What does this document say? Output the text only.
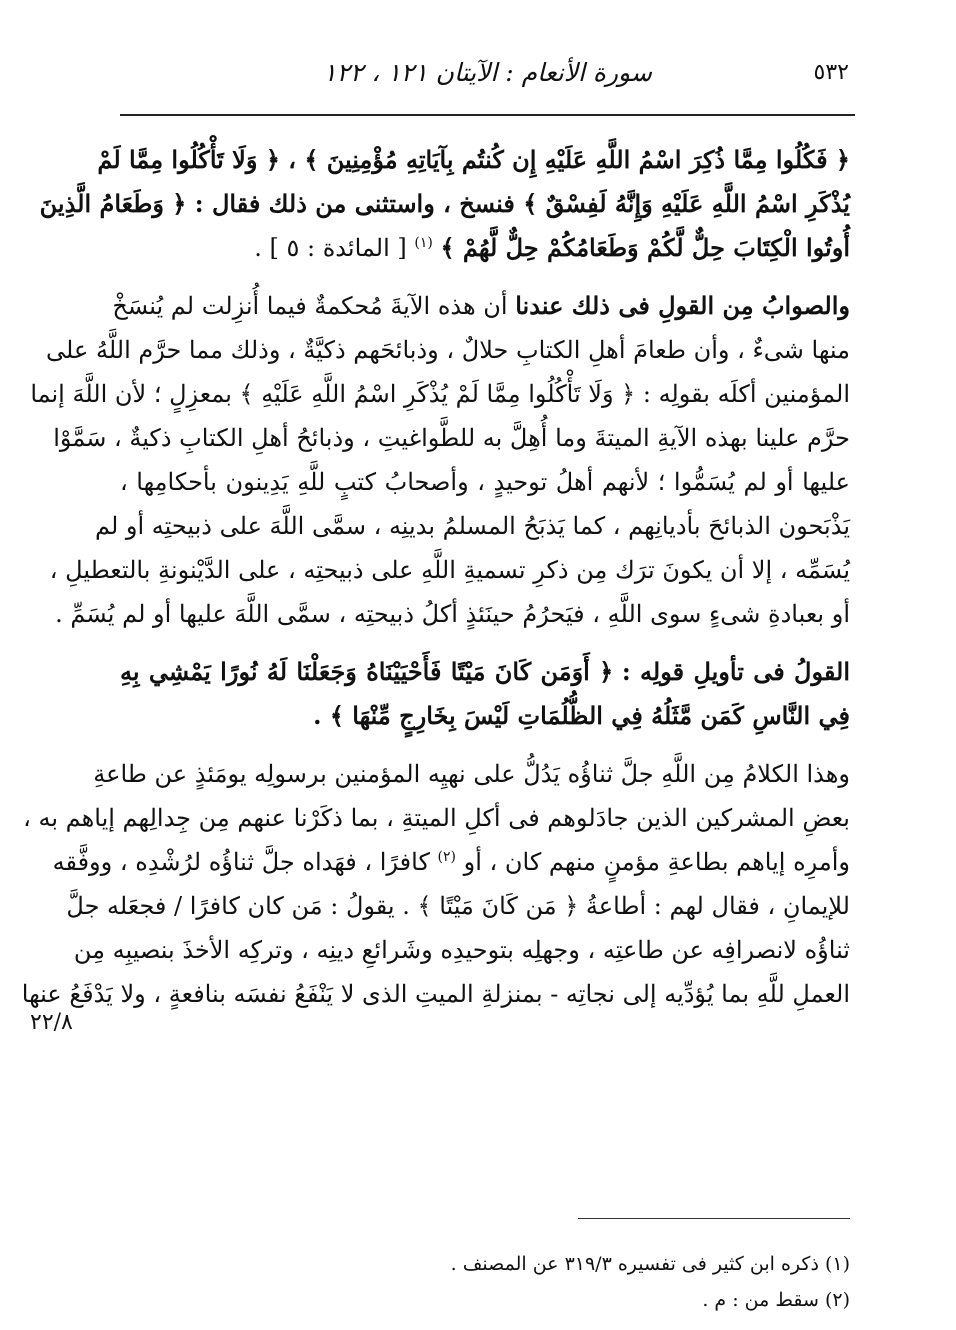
٥٣٢
سورة الأنعام : الآيتان ١٢١ ، ١٢٢
﴿ فَكُلُوا مِمَّا ذُكِرَ اسْمُ اللَّهِ عَلَيْهِ إِن كُنتُم بِآيَاتِهِ مُؤْمِنِينَ ﴾ ، ﴿ وَلَا تَأْكُلُوا مِمَّا لَمْ
يُذْكَرِ اسْمُ اللَّهِ عَلَيْهِ وَإِنَّهُ لَفِسْقٌ ﴾ فنسخ ، واستثنى من ذلك فقال : ﴿ وَطَعَامُ الَّذِينَ
أُوتُوا الْكِتَابَ حِلٌّ لَّكُمْ وَطَعَامُكُمْ حِلٌّ لَّهُمْ ﴾ $^{(١)}$ [ المائدة : ٥ ] .
والصوابُ مِن القولِ فى ذلك عندنا أن هذه الآيةَ مُحكمةٌ فيما أُنزِلت لم يُنسَخْ
منها شىءٌ ، وأن طعامَ أهلِ الكتابِ حلالٌ ، وذبائحَهم ذكيَّةٌ ، وذلك مما حرَّم اللَّهُ على
المؤمنين أكلَه بقولِه : ﴿ وَلَا تَأْكُلُوا مِمَّا لَمْ يُذْكَرِ اسْمُ اللَّهِ عَلَيْهِ ﴾ بمعزِلٍ ؛ لأن اللَّهَ إنما
حرَّم علينا بهذه الآيةِ الميتةَ وما أُهِلَّ به للطَّواغيتِ ، وذبائحُ أهلِ الكتابِ ذكيةٌ ، سَمَّوْا
عليها أو لم يُسَمُّوا ؛ لأنهم أهلُ توحيدٍ ، وأصحابُ كتبٍ للَّهِ يَدِينون بأحكامِها ،
يَذْبَحون الذبائحَ بأديانِهم ، كما يَذبَحُ المسلمُ بدينِه ، سمَّى اللَّهَ على ذبيحتِه أو لم
يُسَمِّه ، إلا أن يكونَ ترَك مِن ذكرِ تسميةِ اللَّهِ على ذبيحتِه ، على الدَّيْنونةِ بالتعطيلِ ،
أو بعبادةِ شىءٍ سوى اللَّهِ ، فيَحرُمُ حينَئذٍ أكلُ ذبيحتِه ، سمَّى اللَّهَ عليها أو لم يُسَمِّ .
القولُ فى تأويلِ قولِه : ﴿ أَوَمَن كَانَ مَيْتًا فَأَحْيَيْنَاهُ وَجَعَلْنَا لَهُ نُورًا يَمْشِي بِهِ
فِي النَّاسِ كَمَن مَّثَلُهُ فِي الظُّلُمَاتِ لَيْسَ بِخَارِجٍ مِّنْهَا ﴾ .
وهذا الكلامُ مِن اللَّهِ جلَّ ثناؤُه يَدُلُّ على نهيِه المؤمنين برسولِه يومَئذٍ عن طاعةِ
بعضِ المشركين الذين جادَلوهم فى أكلِ الميتةِ ، بما ذكَرْنا عنهم مِن جِدالِهم إياهم به ،
وأمرِه إياهم بطاعةِ مؤمنٍ منهم كان ، أو $^{(٢)}$ كافرًا ، فهَداه جلَّ ثناؤُه لرُشْدِه ، ووفَّقه
للإيمانِ ، فقال لهم : أطاعةُ ﴿ مَن كَانَ مَيْتًا ﴾ . يقولُ : مَن كان كافرًا / فجعَله جلَّ
ثناؤُه لانصرافِه عن طاعتِه ، وجهلِه بتوحيدِه وشَرائعِ دينِه ، وتركِه الأخذَ بنصيبِه مِن
العملِ للَّهِ بما يُؤدِّيه إلى نجاتِه - بمنزلةِ الميتِ الذى لا يَنْفَعُ نفسَه بنافعةٍ ، ولا يَدْفَعُ عنها
٢٢/٨
(١) ذكره ابن كثير فى تفسيره ٣١٩/٣ عن المصنف .
(٢) سقط من : م .
